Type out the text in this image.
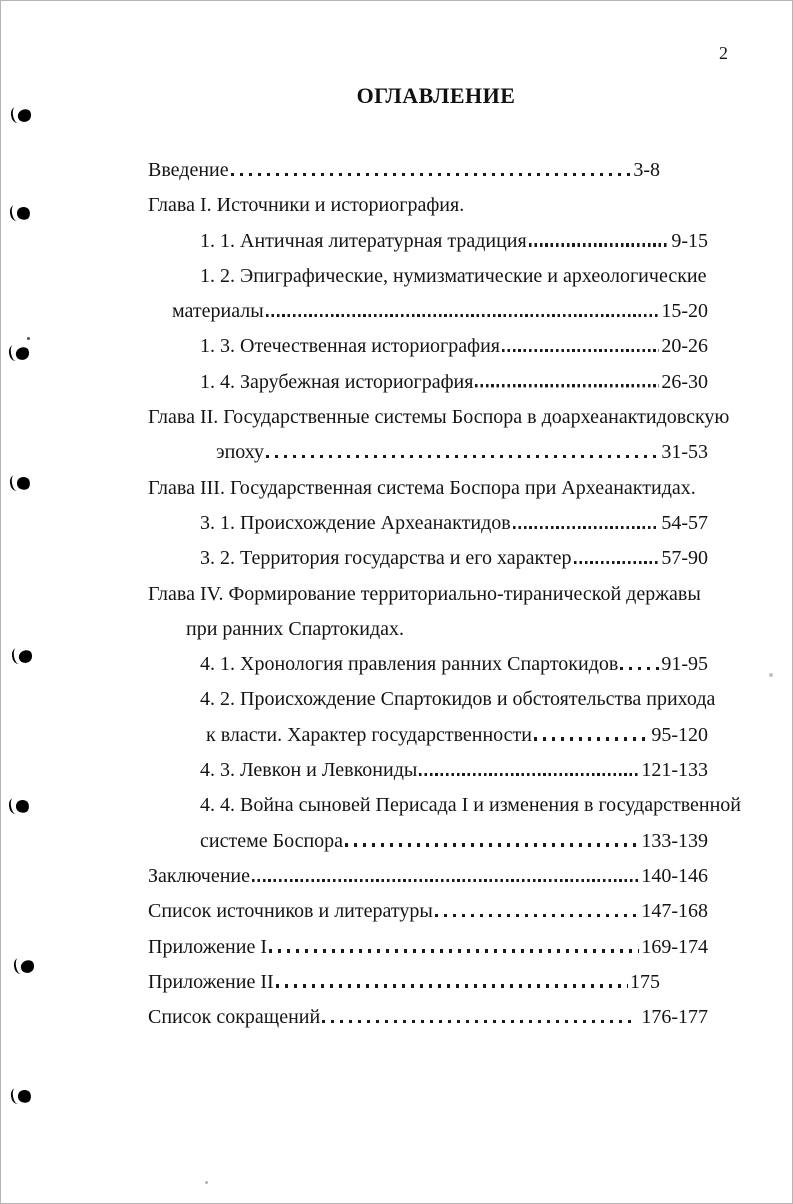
2
ОГЛАВЛЕНИЕ
Введение	3-8
Глава I. Источники и историография.
1. 1. Античная литературная традиция	9-15
1. 2. Эпиграфические, нумизматические и археологические
материалы	15-20
1. 3. Отечественная историография	20-26
1. 4. Зарубежная историография	26-30
Глава II. Государственные системы Боспора в доархеанактидовскую
эпоху	31-53
Глава III. Государственная система Боспора при Археанактидах.
3. 1. Происхождение Археанактидов	54-57
3. 2. Территория государства и его характер	57-90
Глава IV. Формирование территориально-тиранической державы
при ранних Спартокидах.
4. 1. Хронология правления ранних Спартокидов 91-95
4. 2. Происхождение Спартокидов и обстоятельства прихода
к власти. Характер государственности	95-120
4. 3. Левкон и Левкониды	121-133
4. 4. Война сыновей Перисада I и изменения в государственной
системе Боспора	133-139
Заключение	140-146
Список источников и литературы	147-168
Приложение I	169-174
Приложение II	175
Список сокращений	176-177
